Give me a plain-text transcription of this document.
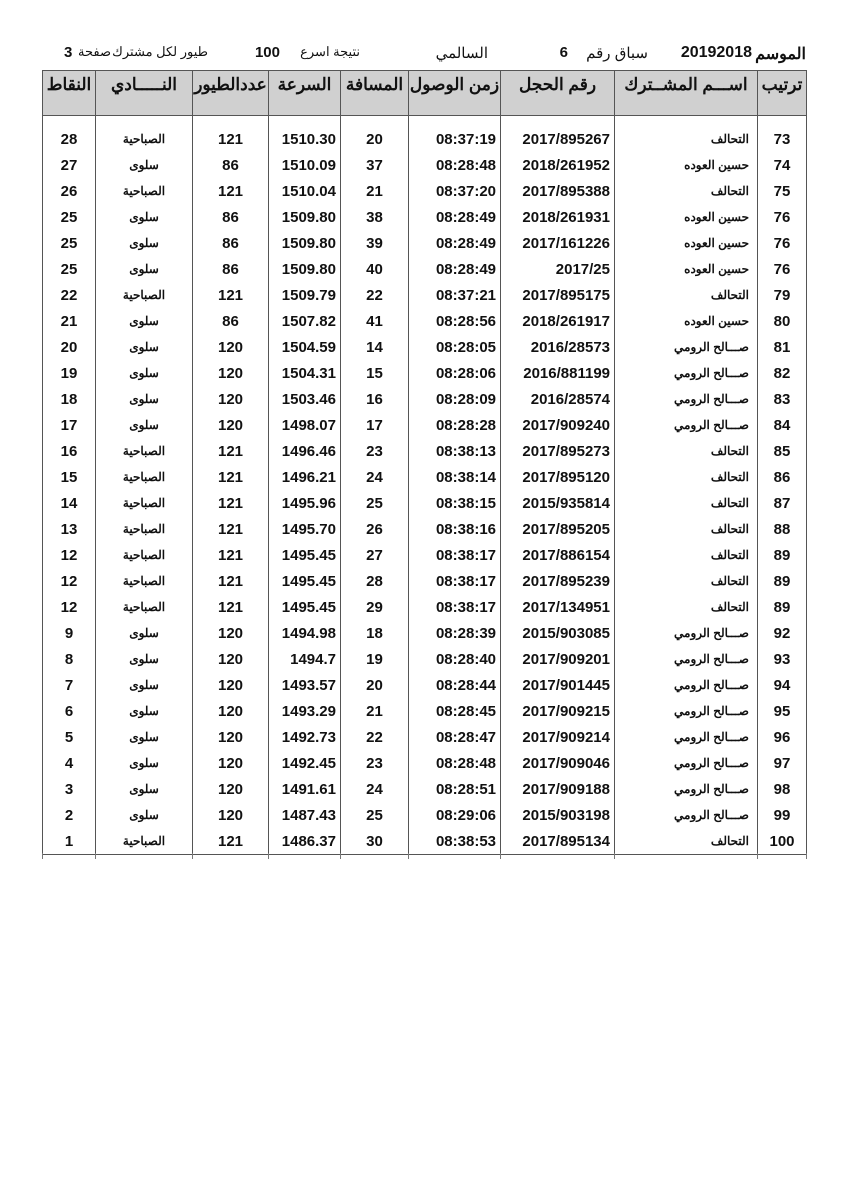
الموسم
20192018
سباق رقم
6
السالمي
نتيجة اسرع
100
طيور لكل مشترك
صفحة
3
النقاط	النـــــادي	عددالطيور	السرعة	المسافة	زمن الوصول	رقم الحجل	اســـم المشــترك	ترتيب
28	الصباحية	121	1510.30	20	08:37:19	2017/895267	التحالف	73
27	سلوى	86	1510.09	37	08:28:48	2018/261952	حسين العوده	74
26	الصباحية	121	1510.04	21	08:37:20	2017/895388	التحالف	75
25	سلوى	86	1509.80	38	08:28:49	2018/261931	حسين العوده	76
25	سلوى	86	1509.80	39	08:28:49	2017/161226	حسين العوده	76
25	سلوى	86	1509.80	40	08:28:49	2017/25	حسين العوده	76
22	الصباحية	121	1509.79	22	08:37:21	2017/895175	التحالف	79
21	سلوى	86	1507.82	41	08:28:56	2018/261917	حسين العوده	80
20	سلوى	120	1504.59	14	08:28:05	2016/28573	صـــالح الرومي	81
19	سلوى	120	1504.31	15	08:28:06	2016/881199	صـــالح الرومي	82
18	سلوى	120	1503.46	16	08:28:09	2016/28574	صـــالح الرومي	83
17	سلوى	120	1498.07	17	08:28:28	2017/909240	صـــالح الرومي	84
16	الصباحية	121	1496.46	23	08:38:13	2017/895273	التحالف	85
15	الصباحية	121	1496.21	24	08:38:14	2017/895120	التحالف	86
14	الصباحية	121	1495.96	25	08:38:15	2015/935814	التحالف	87
13	الصباحية	121	1495.70	26	08:38:16	2017/895205	التحالف	88
12	الصباحية	121	1495.45	27	08:38:17	2017/886154	التحالف	89
12	الصباحية	121	1495.45	28	08:38:17	2017/895239	التحالف	89
12	الصباحية	121	1495.45	29	08:38:17	2017/134951	التحالف	89
9	سلوى	120	1494.98	18	08:28:39	2015/903085	صـــالح الرومي	92
8	سلوى	120	1494.7	19	08:28:40	2017/909201	صـــالح الرومي	93
7	سلوى	120	1493.57	20	08:28:44	2017/901445	صـــالح الرومي	94
6	سلوى	120	1493.29	21	08:28:45	2017/909215	صـــالح الرومي	95
5	سلوى	120	1492.73	22	08:28:47	2017/909214	صـــالح الرومي	96
4	سلوى	120	1492.45	23	08:28:48	2017/909046	صـــالح الرومي	97
3	سلوى	120	1491.61	24	08:28:51	2017/909188	صـــالح الرومي	98
2	سلوى	120	1487.43	25	08:29:06	2015/903198	صـــالح الرومي	99
1	الصباحية	121	1486.37	30	08:38:53	2017/895134	التحالف	100
